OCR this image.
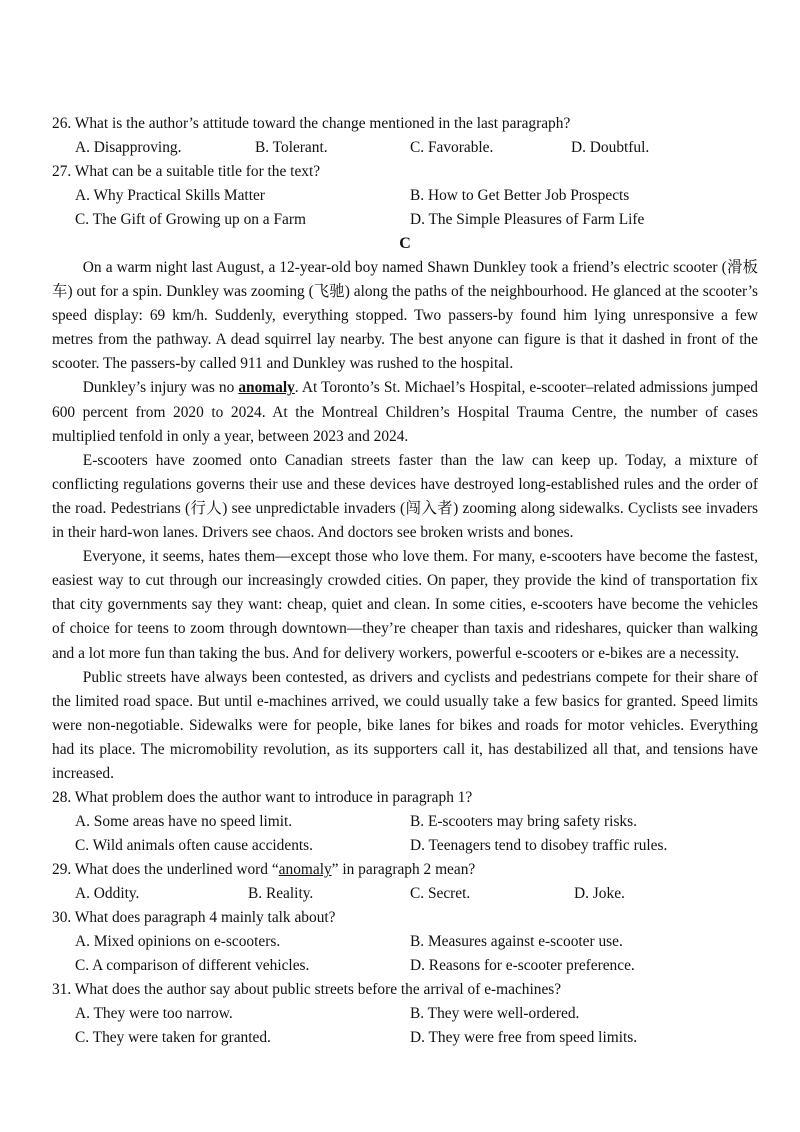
26. What is the author’s attitude toward the change mentioned in the last paragraph?
A. Disapproving.	B. Tolerant.	C. Favorable.	D. Doubtful.
27. What can be a suitable title for the text?
A. Why Practical Skills Matter	B. How to Get Better Job Prospects
C. The Gift of Growing up on a Farm	D. The Simple Pleasures of Farm Life
C

On a warm night last August, a 12-year-old boy named Shawn Dunkley took a friend’s electric scooter (滑板车) out for a spin. Dunkley was zooming (飞驰) along the paths of the neighbourhood. He glanced at the scooter’s speed display: 69 km/h. Suddenly, everything stopped. Two passers-by found him lying unresponsive a few metres from the pathway. A dead squirrel lay nearby. The best anyone can figure is that it dashed in front of the scooter. The passers-by called 911 and Dunkley was rushed to the hospital.

Dunkley’s injury was no anomaly. At Toronto’s St. Michael’s Hospital, e-scooter–related admissions jumped 600 percent from 2020 to 2024. At the Montreal Children’s Hospital Trauma Centre, the number of cases multiplied tenfold in only a year, between 2023 and 2024.

E-scooters have zoomed onto Canadian streets faster than the law can keep up. Today, a mixture of conflicting regulations governs their use and these devices have destroyed long-established rules and the order of the road. Pedestrians (行人) see unpredictable invaders (闯入者) zooming along sidewalks. Cyclists see invaders in their hard-won lanes. Drivers see chaos. And doctors see broken wrists and bones.

Everyone, it seems, hates them—except those who love them. For many, e-scooters have become the fastest, easiest way to cut through our increasingly crowded cities. On paper, they provide the kind of transportation fix that city governments say they want: cheap, quiet and clean. In some cities, e-scooters have become the vehicles of choice for teens to zoom through downtown—they’re cheaper than taxis and rideshares, quicker than walking and a lot more fun than taking the bus. And for delivery workers, powerful e-scooters or e-bikes are a necessity.

Public streets have always been contested, as drivers and cyclists and pedestrians compete for their share of the limited road space. But until e-machines arrived, we could usually take a few basics for granted. Speed limits were non-negotiable. Sidewalks were for people, bike lanes for bikes and roads for motor vehicles. Everything had its place. The micromobility revolution, as its supporters call it, has destabilized all that, and tensions have increased.

28. What problem does the author want to introduce in paragraph 1?
A. Some areas have no speed limit.	B. E-scooters may bring safety risks.
C. Wild animals often cause accidents.	D. Teenagers tend to disobey traffic rules.
29. What does the underlined word “anomaly” in paragraph 2 mean?
A. Oddity.	B. Reality.	C. Secret.	D. Joke.
30. What does paragraph 4 mainly talk about?
A. Mixed opinions on e-scooters.	B. Measures against e-scooter use.
C. A comparison of different vehicles.	D. Reasons for e-scooter preference.
31. What does the author say about public streets before the arrival of e-machines?
A. They were too narrow.	B. They were well-ordered.
C. They were taken for granted.	D. They were free from speed limits.
